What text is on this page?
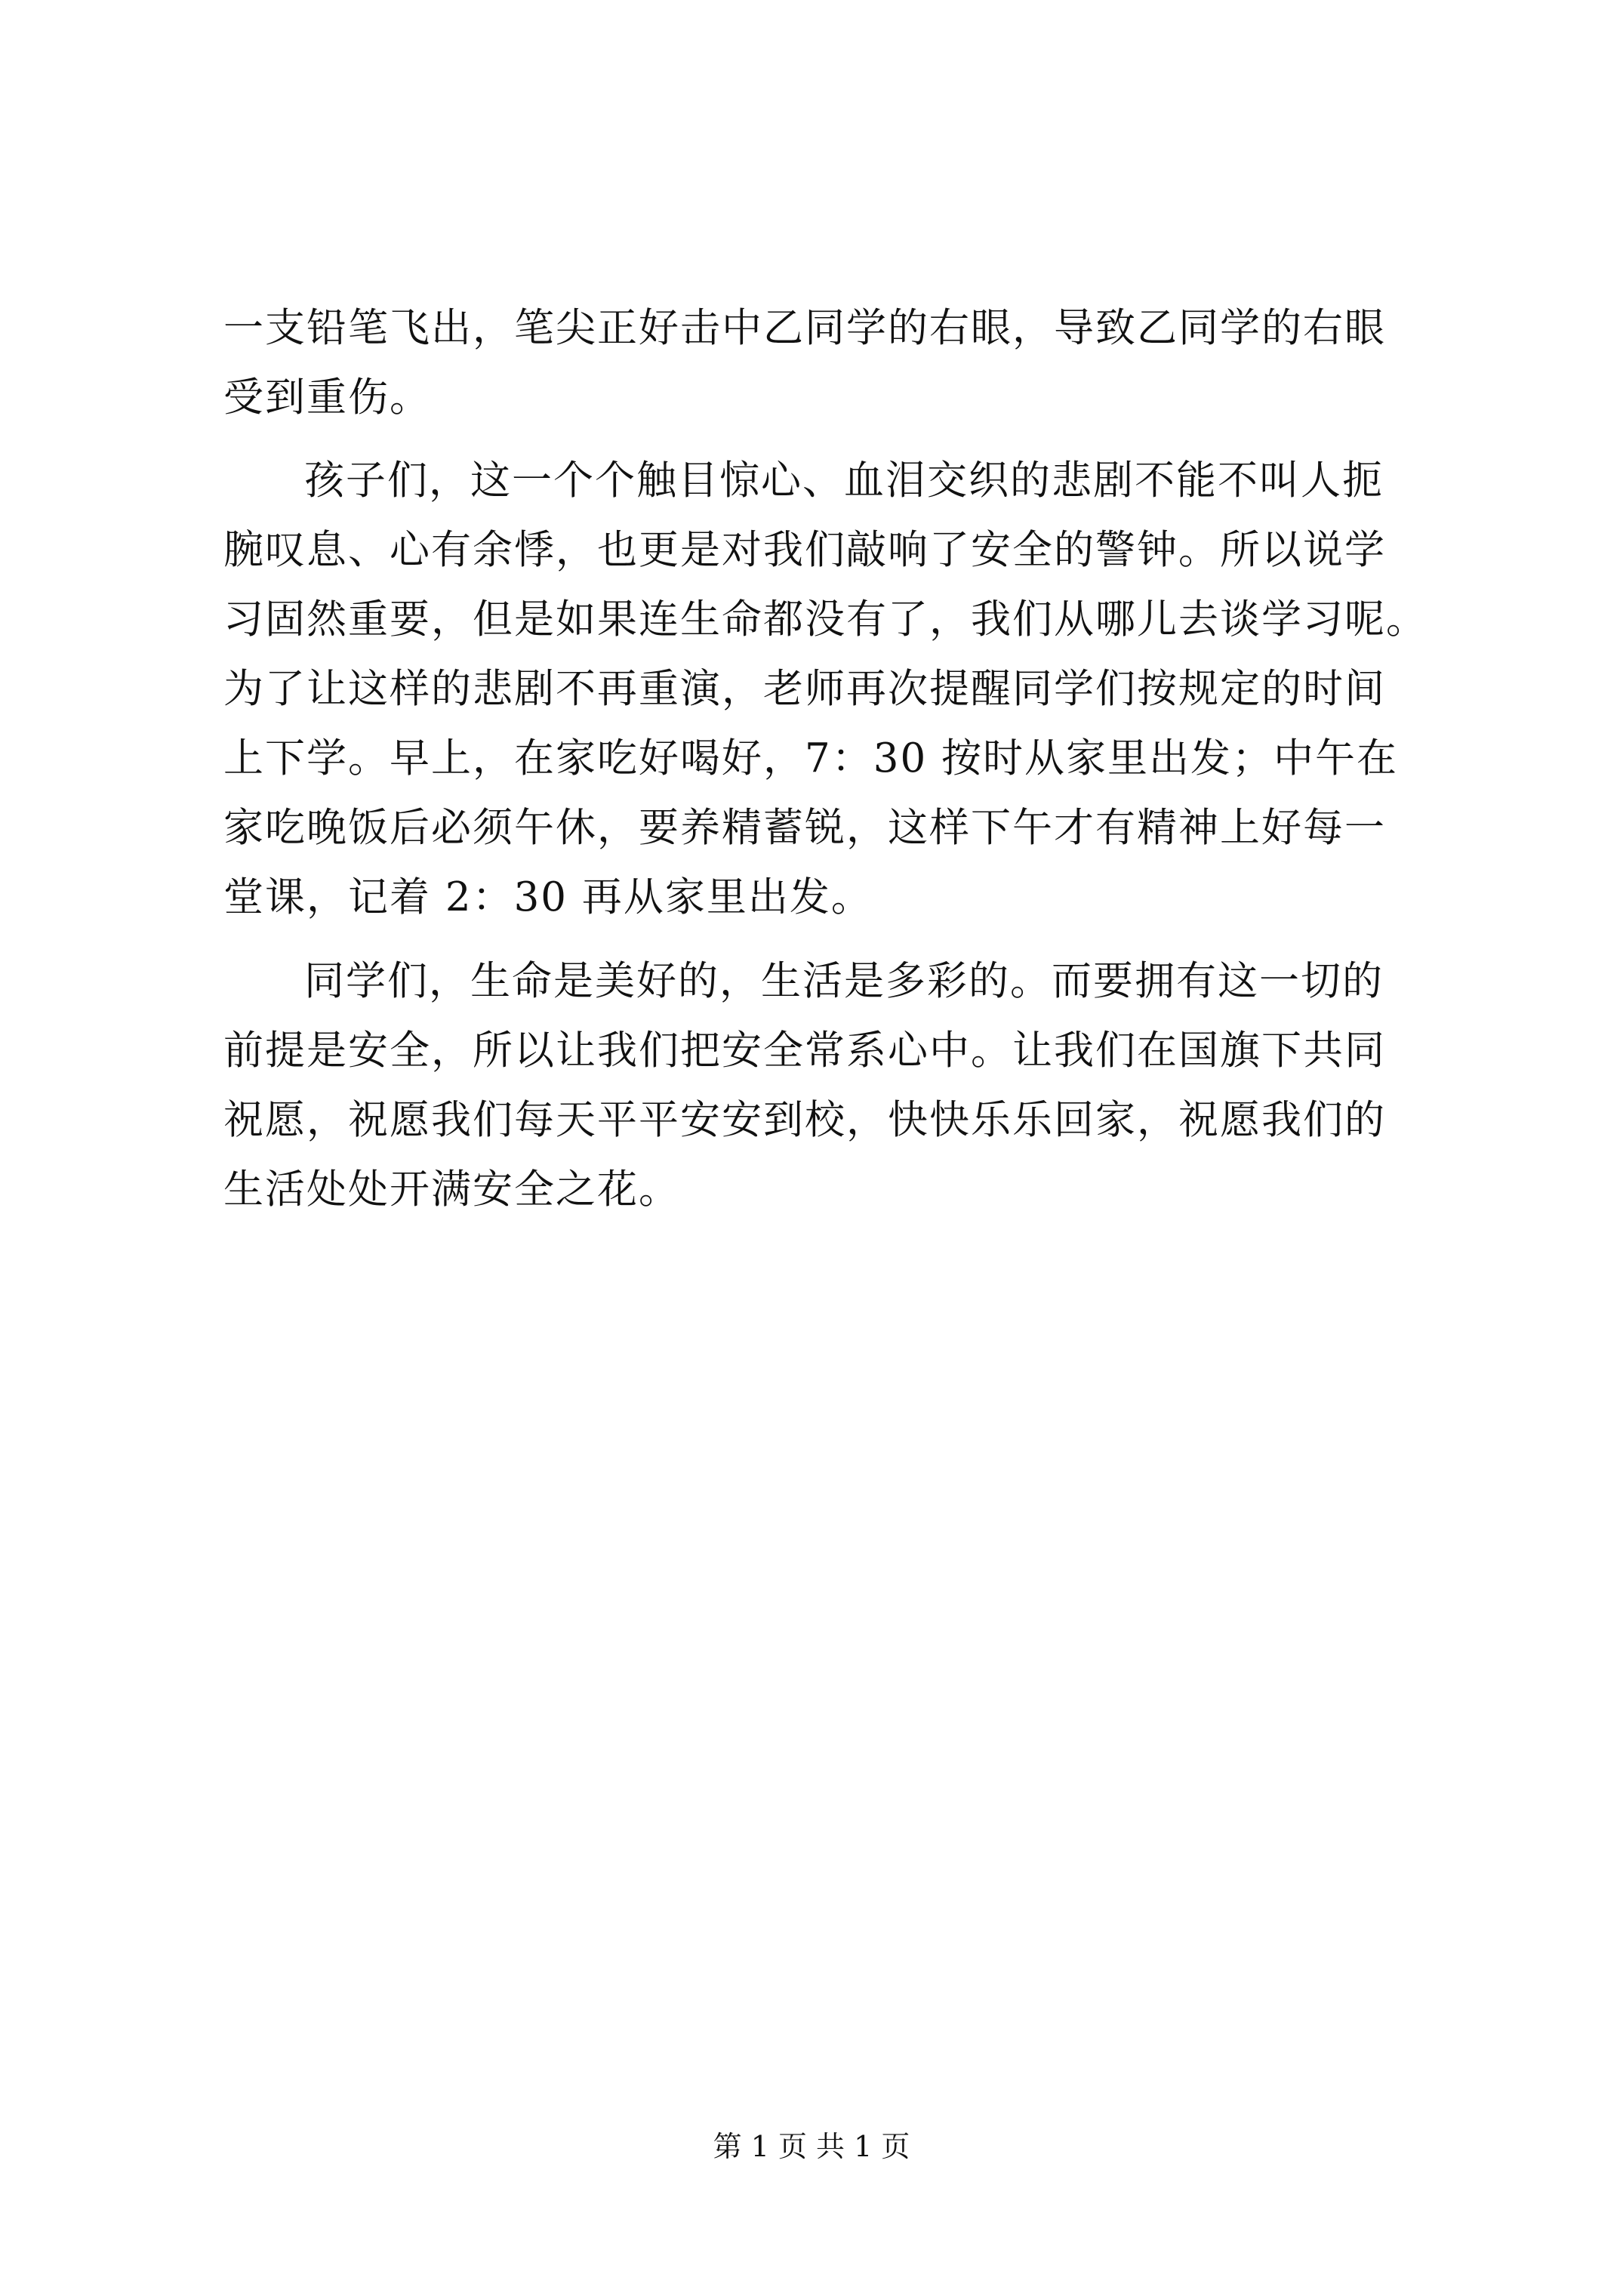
一支铅笔飞出，笔尖正好击中乙同学的右眼，导致乙同学的右眼
受到重伤。
孩子们，这一个个触目惊心、血泪交织的悲剧不能不叫人扼
腕叹息、心有余悸，也更是对我们敲响了安全的警钟。所以说学
习固然重要，但是如果连生命都没有了，我们从哪儿去谈学习呢。
为了让这样的悲剧不再重演，老师再次提醒同学们按规定的时间
上下学。早上，在家吃好喝好，7：30 按时从家里出发；中午在
家吃晚饭后必须午休，要养精蓄锐，这样下午才有精神上好每一
堂课，记着 2：30 再从家里出发。
同学们，生命是美好的，生活是多彩的。而要拥有这一切的
前提是安全，所以让我们把安全常系心中。让我们在国旗下共同
祝愿，祝愿我们每天平平安安到校，快快乐乐回家，祝愿我们的
生活处处开满安全之花。
第 1 页 共 1 页
